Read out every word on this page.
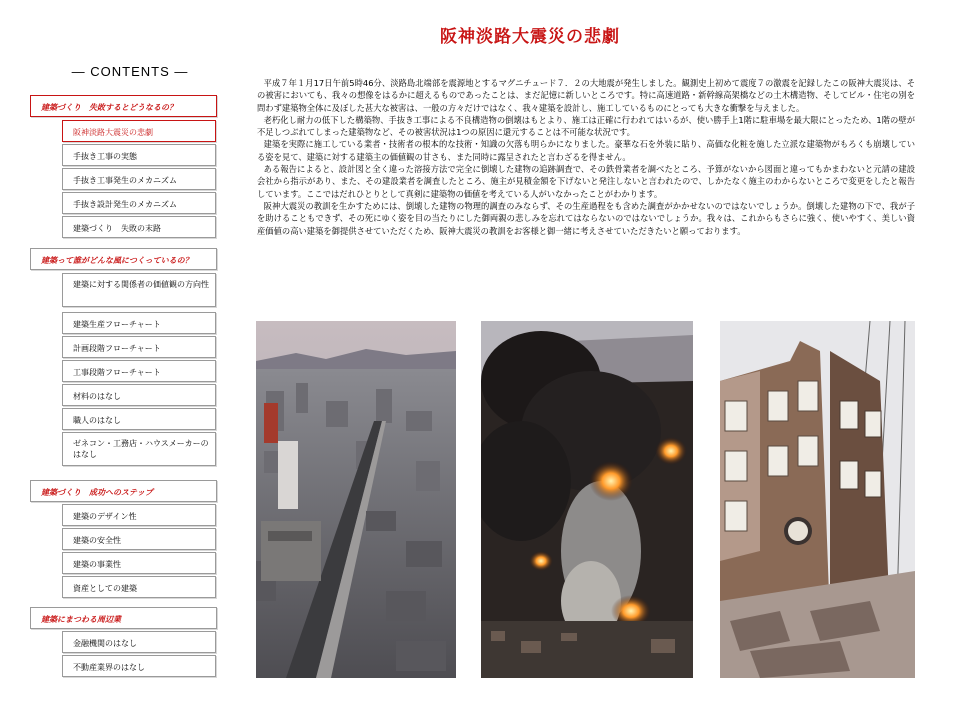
阪神淡路大震災の悲劇
― CONTENTS ―
建築づくり　失敗するとどうなるの？
阪神淡路大震災の悲劇
手抜き工事の実態
手抜き工事発生のメカニズム
手抜き設計発生のメカニズム
建築づくり　失敗の末路
建築って誰がどんな風につくっているの？
建築に対する関係者の価値観の方向性
建築生産フローチャート
計画段階フローチャート
工事段階フローチャート
材料のはなし
職人のはなし
ゼネコン・工務店・ハウスメーカーのはなし
建築づくり　成功へのステップ
建築のデザイン性
建築の安全性
建築の事業性
資産としての建築
建築にまつわる周辺業
金融機関のはなし
不動産業界のはなし

平成７年１月17日午前5時46分、淡路島北端部を震源地とするマグニチュード７．２の大地震が発生しました。観測史上初めて震度７の激震を記録したこの阪神大震災は、その被害においても、我々の想像をはるかに超えるものであったことは、まだ記憶に新しいところです。特に高速道路・新幹線高架橋などの土木構造物、そしてビル・住宅の別を問わず建築物全体に及ぼした甚大な被害は、一般の方々だけではなく、我々建築を設計し、施工しているものにとっても大きな衝撃を与えました。

老朽化し耐力の低下した構築物、手抜き工事による不良構造物の倒壊はもとより、施工は正確に行われてはいるが、使い勝手上1階に駐車場を最大限にとったため、1階の壁が不足しつぶれてしまった建築物など、その被害状況は1つの原因に還元することは不可能な状況です。

建築を実際に施工している業者・技術者の根本的な技術・知識の欠落も明らかになりました。豪華な石を外装に貼り、高価な化粧を施した立派な建築物がもろくも崩壊している姿を見て、建築に対する建築主の価値観の甘さも、また同時に露呈されたと言わざるを得ません。

ある報告によると、設計図と全く違った溶接方法で完全に倒壊した建物の追跡調査で、その鉄骨業者を調べたところ、予算がないから図面と違ってもかまわないと元請の建設会社から指示があり、また、その建設業者を調査したところ、施主が見積金額を下げないと発注しないと言われたので、しかたなく施主のわからないところで変更をしたと報告しています。ここではだれひとりとして真剣に建築物の価値を考えている人がいなかったことがわかります。

阪神大震災の教訓を生かすためには、倒壊した建物の物理的調査のみならず、その生産過程をも含めた調査がかかせないのではないでしょうか。倒壊した建物の下で、我が子を助けることもできず、その死にゆく姿を目の当たりにした御両親の悲しみを忘れてはならないのではないでしょうか。我々は、これからもさらに強く、使いやすく、美しい資産価値の高い建築を御提供させていただくため、阪神大震災の教訓をお客様と御一緒に考えさせていただきたいと願っております。
